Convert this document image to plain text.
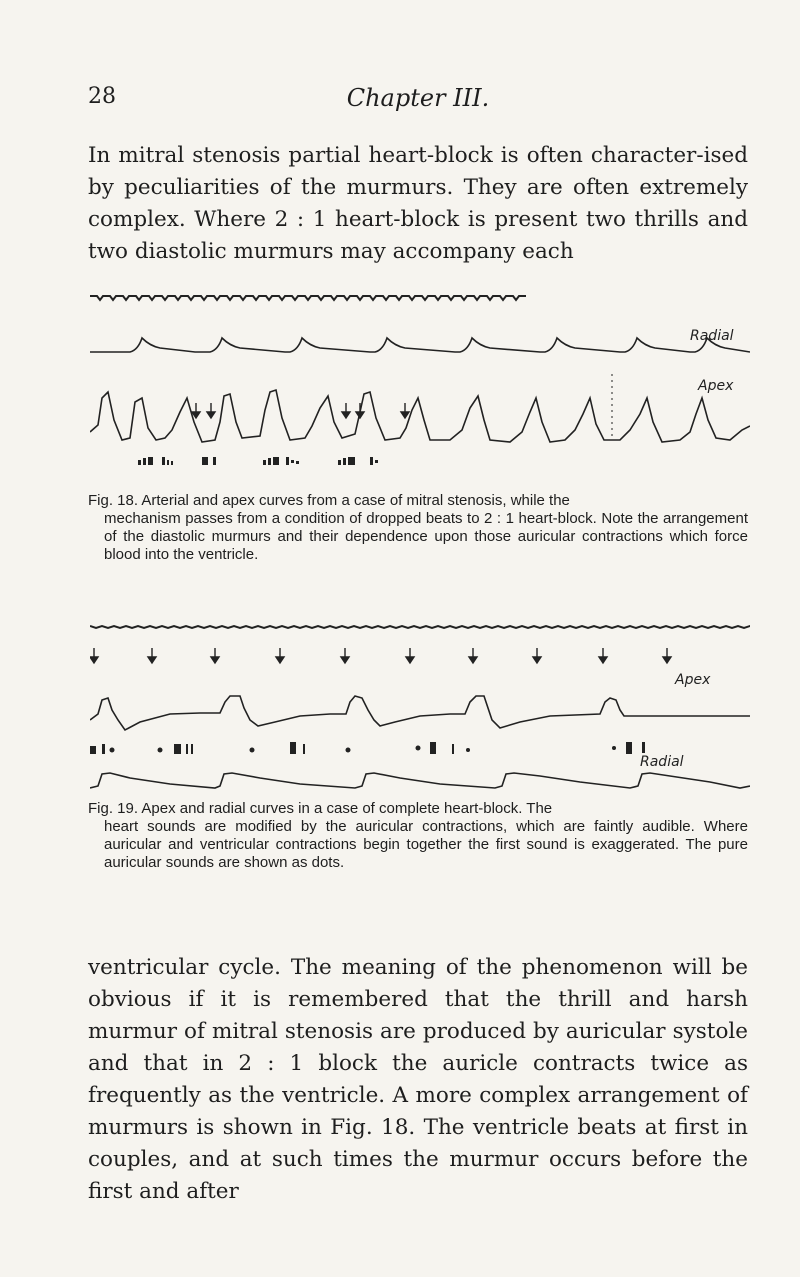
28	Chapter III.

In mitral stenosis partial heart-block is often character-ised by peculiarities of the murmurs. They are often extremely complex. Where 2 : 1 heart-block is present two thrills and two diastolic murmurs may accompany each

Radial
Apex
Fig. 18. Arterial and apex curves from a case of mitral stenosis, while the
mechanism passes from a condition of dropped beats to 2 : 1 heart-block. Note the arrangement of the diastolic murmurs and their dependence upon those auricular contractions which force blood into the ventricle.
Apex
Radial
Fig. 19. Apex and radial curves in a case of complete heart-block. The
heart sounds are modified by the auricular contractions, which are faintly audible. Where auricular and ventricular contractions begin together the first sound is exaggerated. The pure auricular sounds are shown as dots.

ventricular cycle. The meaning of the phenomenon will be obvious if it is remembered that the thrill and harsh murmur of mitral stenosis are produced by auricular systole and that in 2 : 1 block the auricle contracts twice as frequently as the ventricle. A more complex arrangement of murmurs is shown in Fig. 18. The ventricle beats at first in couples, and at such times the murmur occurs before the first and after
